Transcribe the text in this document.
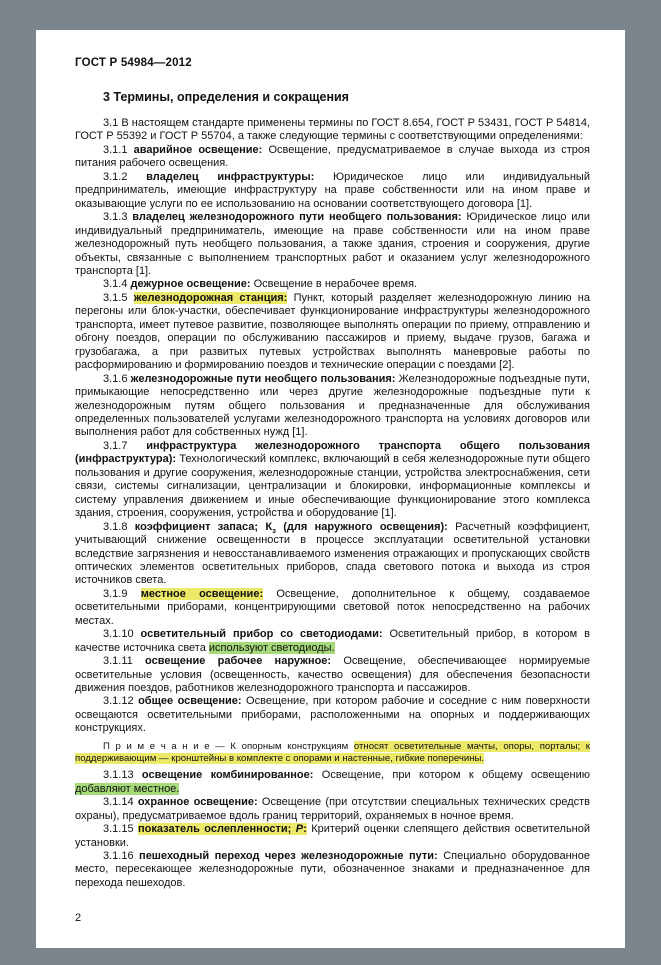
ГОСТ Р 54984—2012
3 Термины, определения и сокращения

3.1 В настоящем стандарте применены термины по ГОСТ 8.654, ГОСТ Р 53431, ГОСТ Р 54814, ГОСТ Р 55392 и ГОСТ Р 55704, а также следующие термины с соответствующими определениями:

3.1.1 аварийное освещение: Освещение, предусматриваемое в случае выхода из строя питания рабочего освещения.

3.1.2 владелец инфраструктуры: Юридическое лицо или индивидуальный предприниматель, имеющие инфраструктуру на праве собственности или на ином праве и оказывающие услуги по ее использованию на основании соответствующего договора [1].

3.1.3 владелец железнодорожного пути необщего пользования: Юридическое лицо или индивидуальный предприниматель, имеющие на праве собственности или на ином праве железнодорожный путь необщего пользования, а также здания, строения и сооружения, другие объекты, связанные с выполнением транспортных работ и оказанием услуг железнодорожного транспорта [1].

3.1.4 дежурное освещение: Освещение в нерабочее время.

3.1.5 железнодорожная станция: Пункт, который разделяет железнодорожную линию на перегоны или блок-участки, обеспечивает функционирование инфраструктуры железнодорожного транспорта, имеет путевое развитие, позволяющее выполнять операции по приему, отправлению и обгону поездов, операции по обслуживанию пассажиров и приему, выдаче грузов, багажа и грузобагажа, а при развитых путевых устройствах выполнять маневровые работы по расформированию и формированию поездов и технические операции с поездами [2].

3.1.6 железнодорожные пути необщего пользования: Железнодорожные подъездные пути, примыкающие непосредственно или через другие железнодорожные подъездные пути к железнодорожным путям общего пользования и предназначенные для обслуживания определенных пользователей услугами железнодорожного транспорта на условиях договоров или выполнения работ для собственных нужд [1].

3.1.7 инфраструктура железнодорожного транспорта общего пользования (инфраструктура): Технологический комплекс, включающий в себя железнодорожные пути общего пользования и другие сооружения, железнодорожные станции, устройства электроснабжения, сети связи, системы сигнализации, централизации и блокировки, информационные комплексы и систему управления движением и иные обеспечивающие функционирование этого комплекса здания, строения, сооружения, устройства и оборудование [1].

3.1.8 коэффициент запаса; $К_з$ (для наружного освещения): Расчетный коэффициент, учитывающий снижение освещенности в процессе эксплуатации осветительной установки вследствие загрязнения и невосстанавливаемого изменения отражающих и пропускающих свойств оптических элементов осветительных приборов, спада светового потока и выхода из строя источников света.

3.1.9 местное освещение: Освещение, дополнительное к общему, создаваемое осветительными приборами, концентрирующими световой поток непосредственно на рабочих местах.

3.1.10 осветительный прибор со светодиодами: Осветительный прибор, в котором в качестве источника света используют светодиоды.

3.1.11 освещение рабочее наружное: Освещение, обеспечивающее нормируемые осветительные условия (освещенность, качество освещения) для обеспечения безопасности движения поездов, работников железнодорожного транспорта и пассажиров.

3.1.12 общее освещение: Освещение, при котором рабочие и соседние с ним поверхности освещаются осветительными приборами, расположенными на опорных и поддерживающих конструкциях.

П р и м е ч а н и е — К опорным конструкциям относят осветительные мачты, опоры, порталы; к поддерживающим — кронштейны в комплекте с опорами и настенные, гибкие поперечины.

3.1.13 освещение комбинированное: Освещение, при котором к общему освещению добавляют местное.

3.1.14 охранное освещение: Освещение (при отсутствии специальных технических средств охраны), предусматриваемое вдоль границ территорий, охраняемых в ночное время.

3.1.15 показатель ослепленности; Р: Критерий оценки слепящего действия осветительной установки.

3.1.16 пешеходный переход через железнодорожные пути: Специально оборудованное место, пересекающее железнодорожные пути, обозначенное знаками и предназначенное для перехода пешеходов.

2
